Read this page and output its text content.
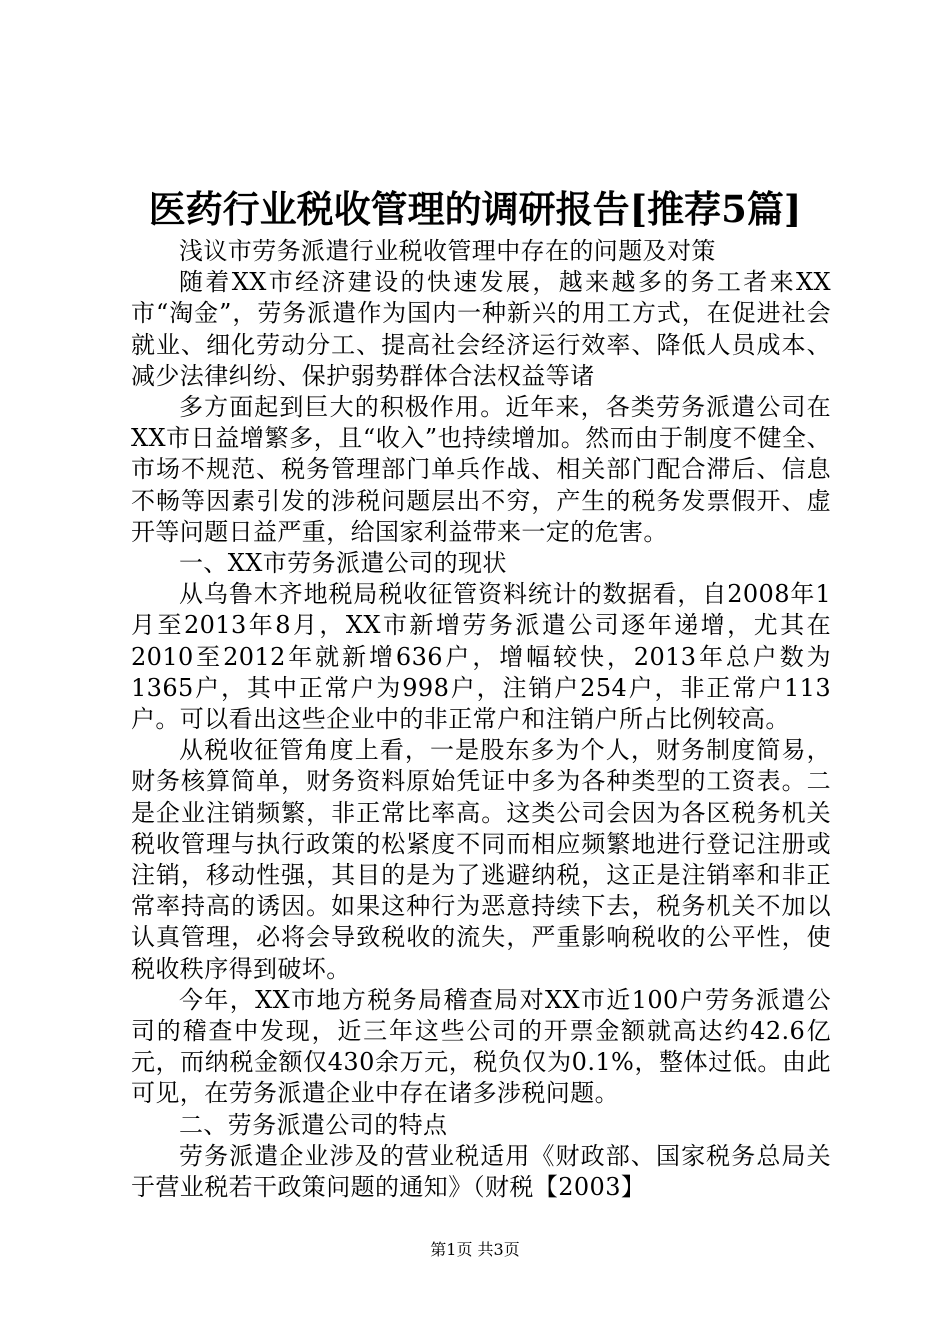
医药行业税收管理的调研报告[推荐5篇]

浅议市劳务派遣行业税收管理中存在的问题及对策

随着XX市经济建设的快速发展，越来越多的务工者来XX市“淘金”，劳务派遣作为国内一种新兴的用工方式，在促进社会就业、细化劳动分工、提高社会经济运行效率、降低人员成本、减少法律纠纷、保护弱势群体合法权益等诸

多方面起到巨大的积极作用。近年来，各类劳务派遣公司在XX市日益增繁多，且“收入”也持续增加。然而由于制度不健全、市场不规范、税务管理部门单兵作战、相关部门配合滞后、信息不畅等因素引发的涉税问题层出不穷，产生的税务发票假开、虚开等问题日益严重，给国家利益带来一定的危害。

一、XX市劳务派遣公司的现状

从乌鲁木齐地税局税收征管资料统计的数据看，自2008年1月至2013年8月，XX市新增劳务派遣公司逐年递增，尤其在2010至2012年就新增636户，增幅较快，2013年总户数为1365户，其中正常户为998户，注销户254户，非正常户113户。可以看出这些企业中的非正常户和注销户所占比例较高。

从税收征管角度上看，一是股东多为个人，财务制度简易，财务核算简单，财务资料原始凭证中多为各种类型的工资表。二是企业注销频繁，非正常比率高。这类公司会因为各区税务机关税收管理与执行政策的松紧度不同而相应频繁地进行登记注册或注销，移动性强，其目的是为了逃避纳税，这正是注销率和非正常率持高的诱因。如果这种行为恶意持续下去，税务机关不加以认真管理，必将会导致税收的流失，严重影响税收的公平性，使税收秩序得到破坏。

今年，XX市地方税务局稽查局对XX市近100户劳务派遣公司的稽查中发现，近三年这些公司的开票金额就高达约42.6亿元，而纳税金额仅430余万元，税负仅为0.1%，整体过低。由此可见，在劳务派遣企业中存在诸多涉税问题。

二、劳务派遣公司的特点

劳务派遣企业涉及的营业税适用《财政部、国家税务总局关于营业税若干政策问题的通知》（财税【2003】

第1页 共3页
